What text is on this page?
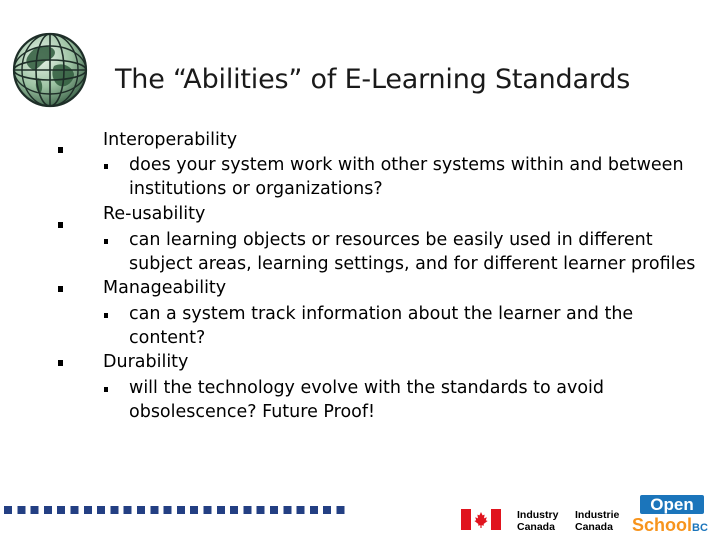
The “Abilities” of E-Learning Standards
Interoperability
does your system work with other systems within and between institutions or organizations?
Re-usability
can learning objects or resources be easily used in different subject areas, learning settings, and for different learner profiles
Manageability
can a system track information about the learner and the content?
Durability
will the technology evolve with the standards to avoid obsolescence? Future Proof!
Industry
Canada
Industrie
Canada
Open
School BC
